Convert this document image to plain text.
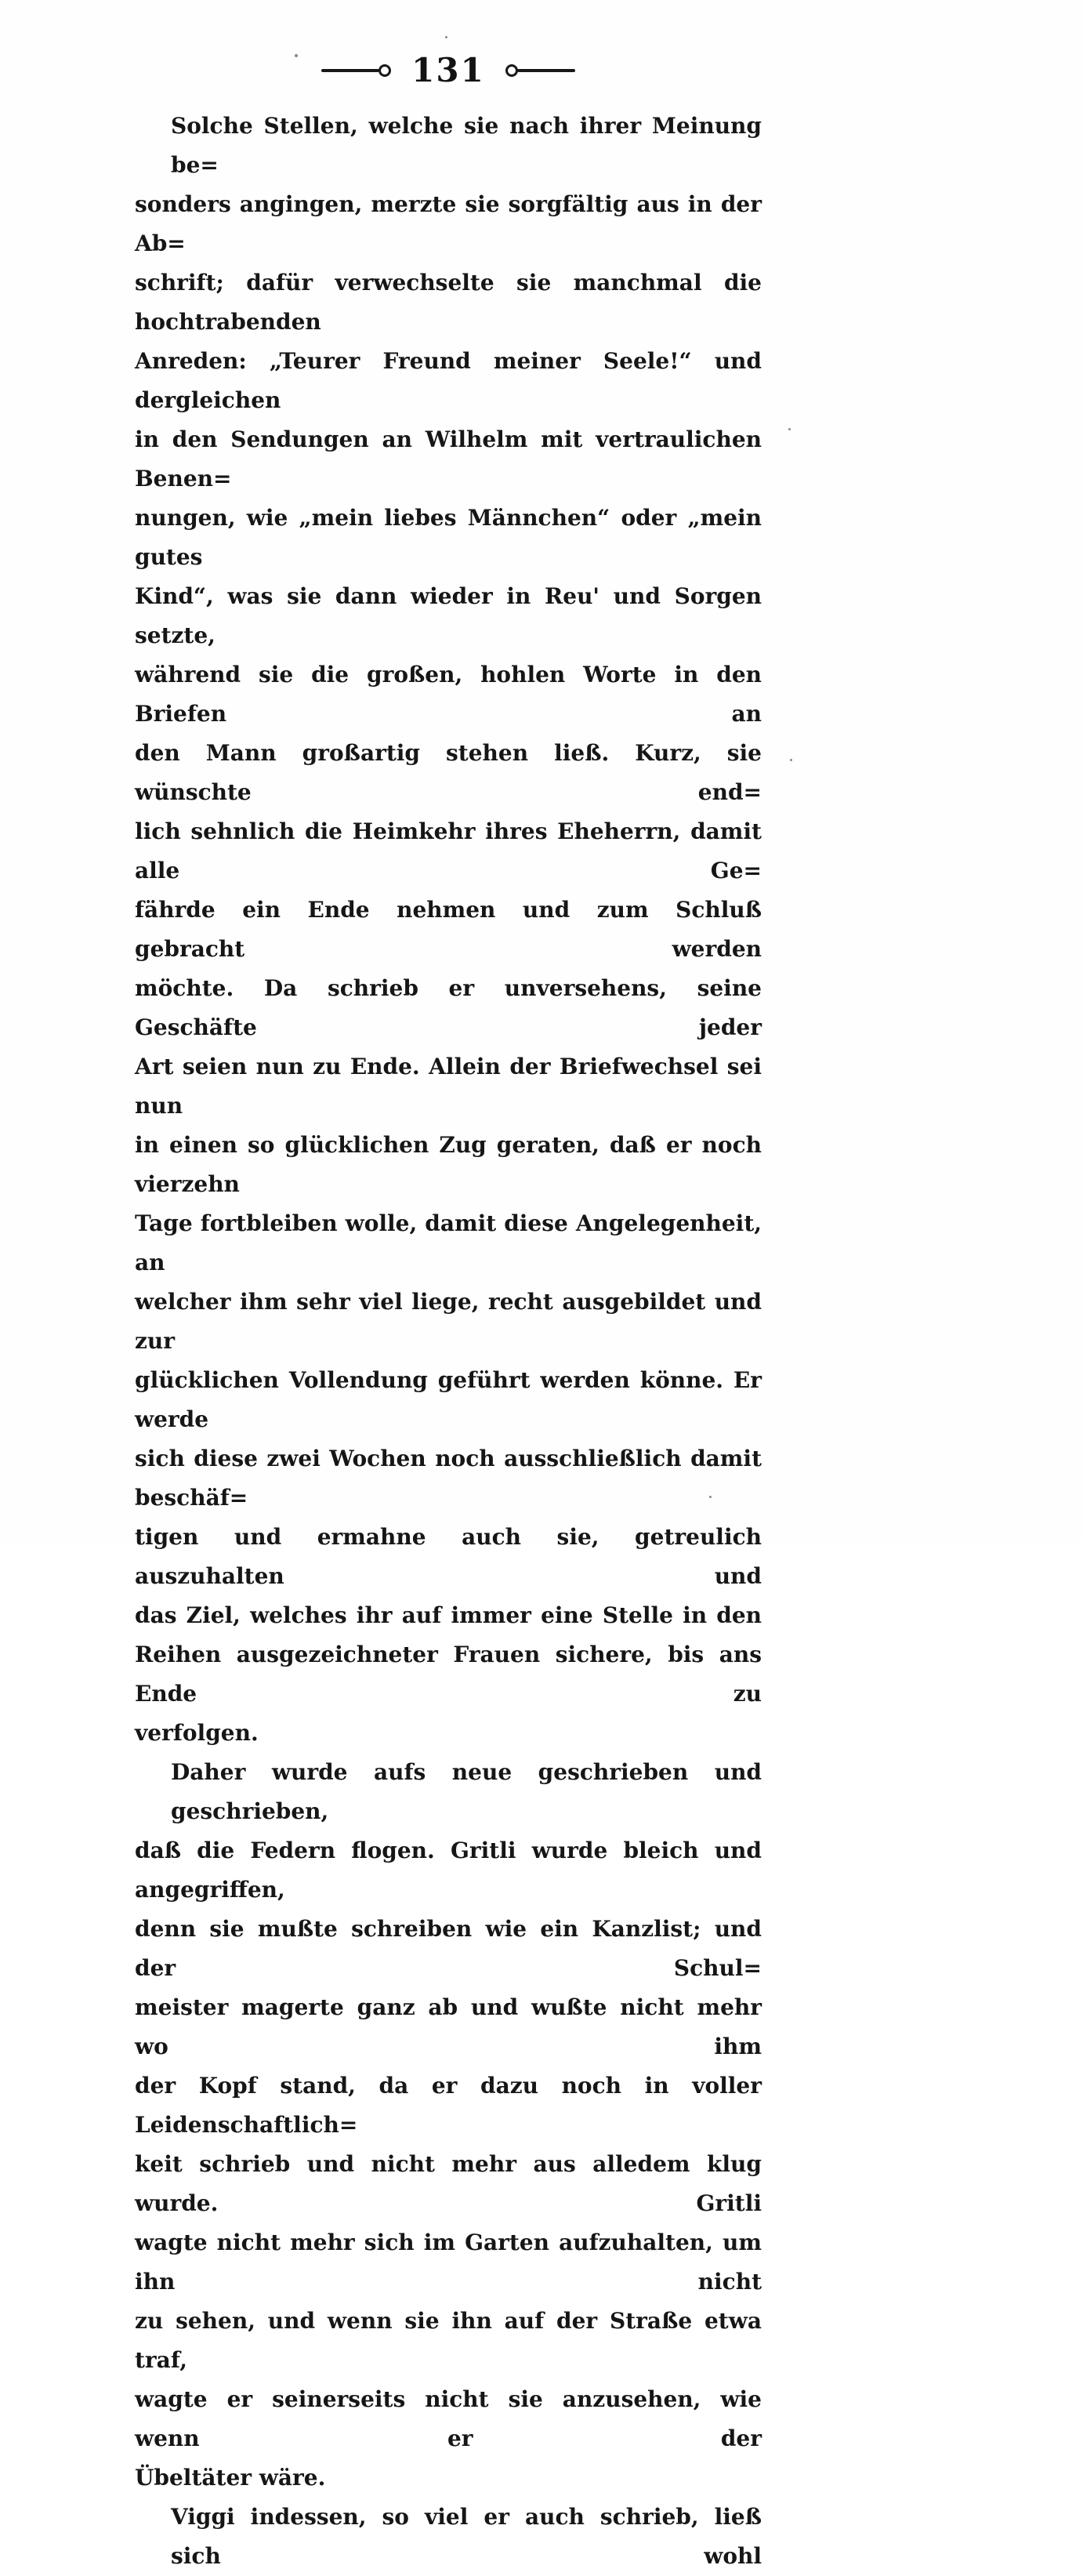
131
Solche Stellen, welche sie nach ihrer Meinung be=
sonders angingen, merzte sie sorgfältig aus in der Ab=
schrift; dafür verwechselte sie manchmal die hochtrabenden
Anreden: „Teurer Freund meiner Seele!“ und dergleichen
in den Sendungen an Wilhelm mit vertraulichen Benen=
nungen, wie „mein liebes Männchen“ oder „mein gutes
Kind“, was sie dann wieder in Reu' und Sorgen setzte,
während sie die großen, hohlen Worte in den Briefen an
den Mann großartig stehen ließ. Kurz, sie wünschte end=
lich sehnlich die Heimkehr ihres Eheherrn, damit alle Ge=
fährde ein Ende nehmen und zum Schluß gebracht werden
möchte. Da schrieb er unversehens, seine Geschäfte jeder
Art seien nun zu Ende. Allein der Briefwechsel sei nun
in einen so glücklichen Zug geraten, daß er noch vierzehn
Tage fortbleiben wolle, damit diese Angelegenheit, an
welcher ihm sehr viel liege, recht ausgebildet und zur
glücklichen Vollendung geführt werden könne. Er werde
sich diese zwei Wochen noch ausschließlich damit beschäf=
tigen und ermahne auch sie, getreulich auszuhalten und
das Ziel, welches ihr auf immer eine Stelle in den
Reihen ausgezeichneter Frauen sichere, bis ans Ende zu
verfolgen.
Daher wurde aufs neue geschrieben und geschrieben,
daß die Federn flogen. Gritli wurde bleich und angegriffen,
denn sie mußte schreiben wie ein Kanzlist; und der Schul=
meister magerte ganz ab und wußte nicht mehr wo ihm
der Kopf stand, da er dazu noch in voller Leidenschaftlich=
keit schrieb und nicht mehr aus alledem klug wurde. Gritli
wagte nicht mehr sich im Garten aufzuhalten, um ihn nicht
zu sehen, und wenn sie ihn auf der Straße etwa traf,
wagte er seinerseits nicht sie anzusehen, wie wenn er der
Übeltäter wäre.
Viggi indessen, so viel er auch schrieb, ließ sich wohl
